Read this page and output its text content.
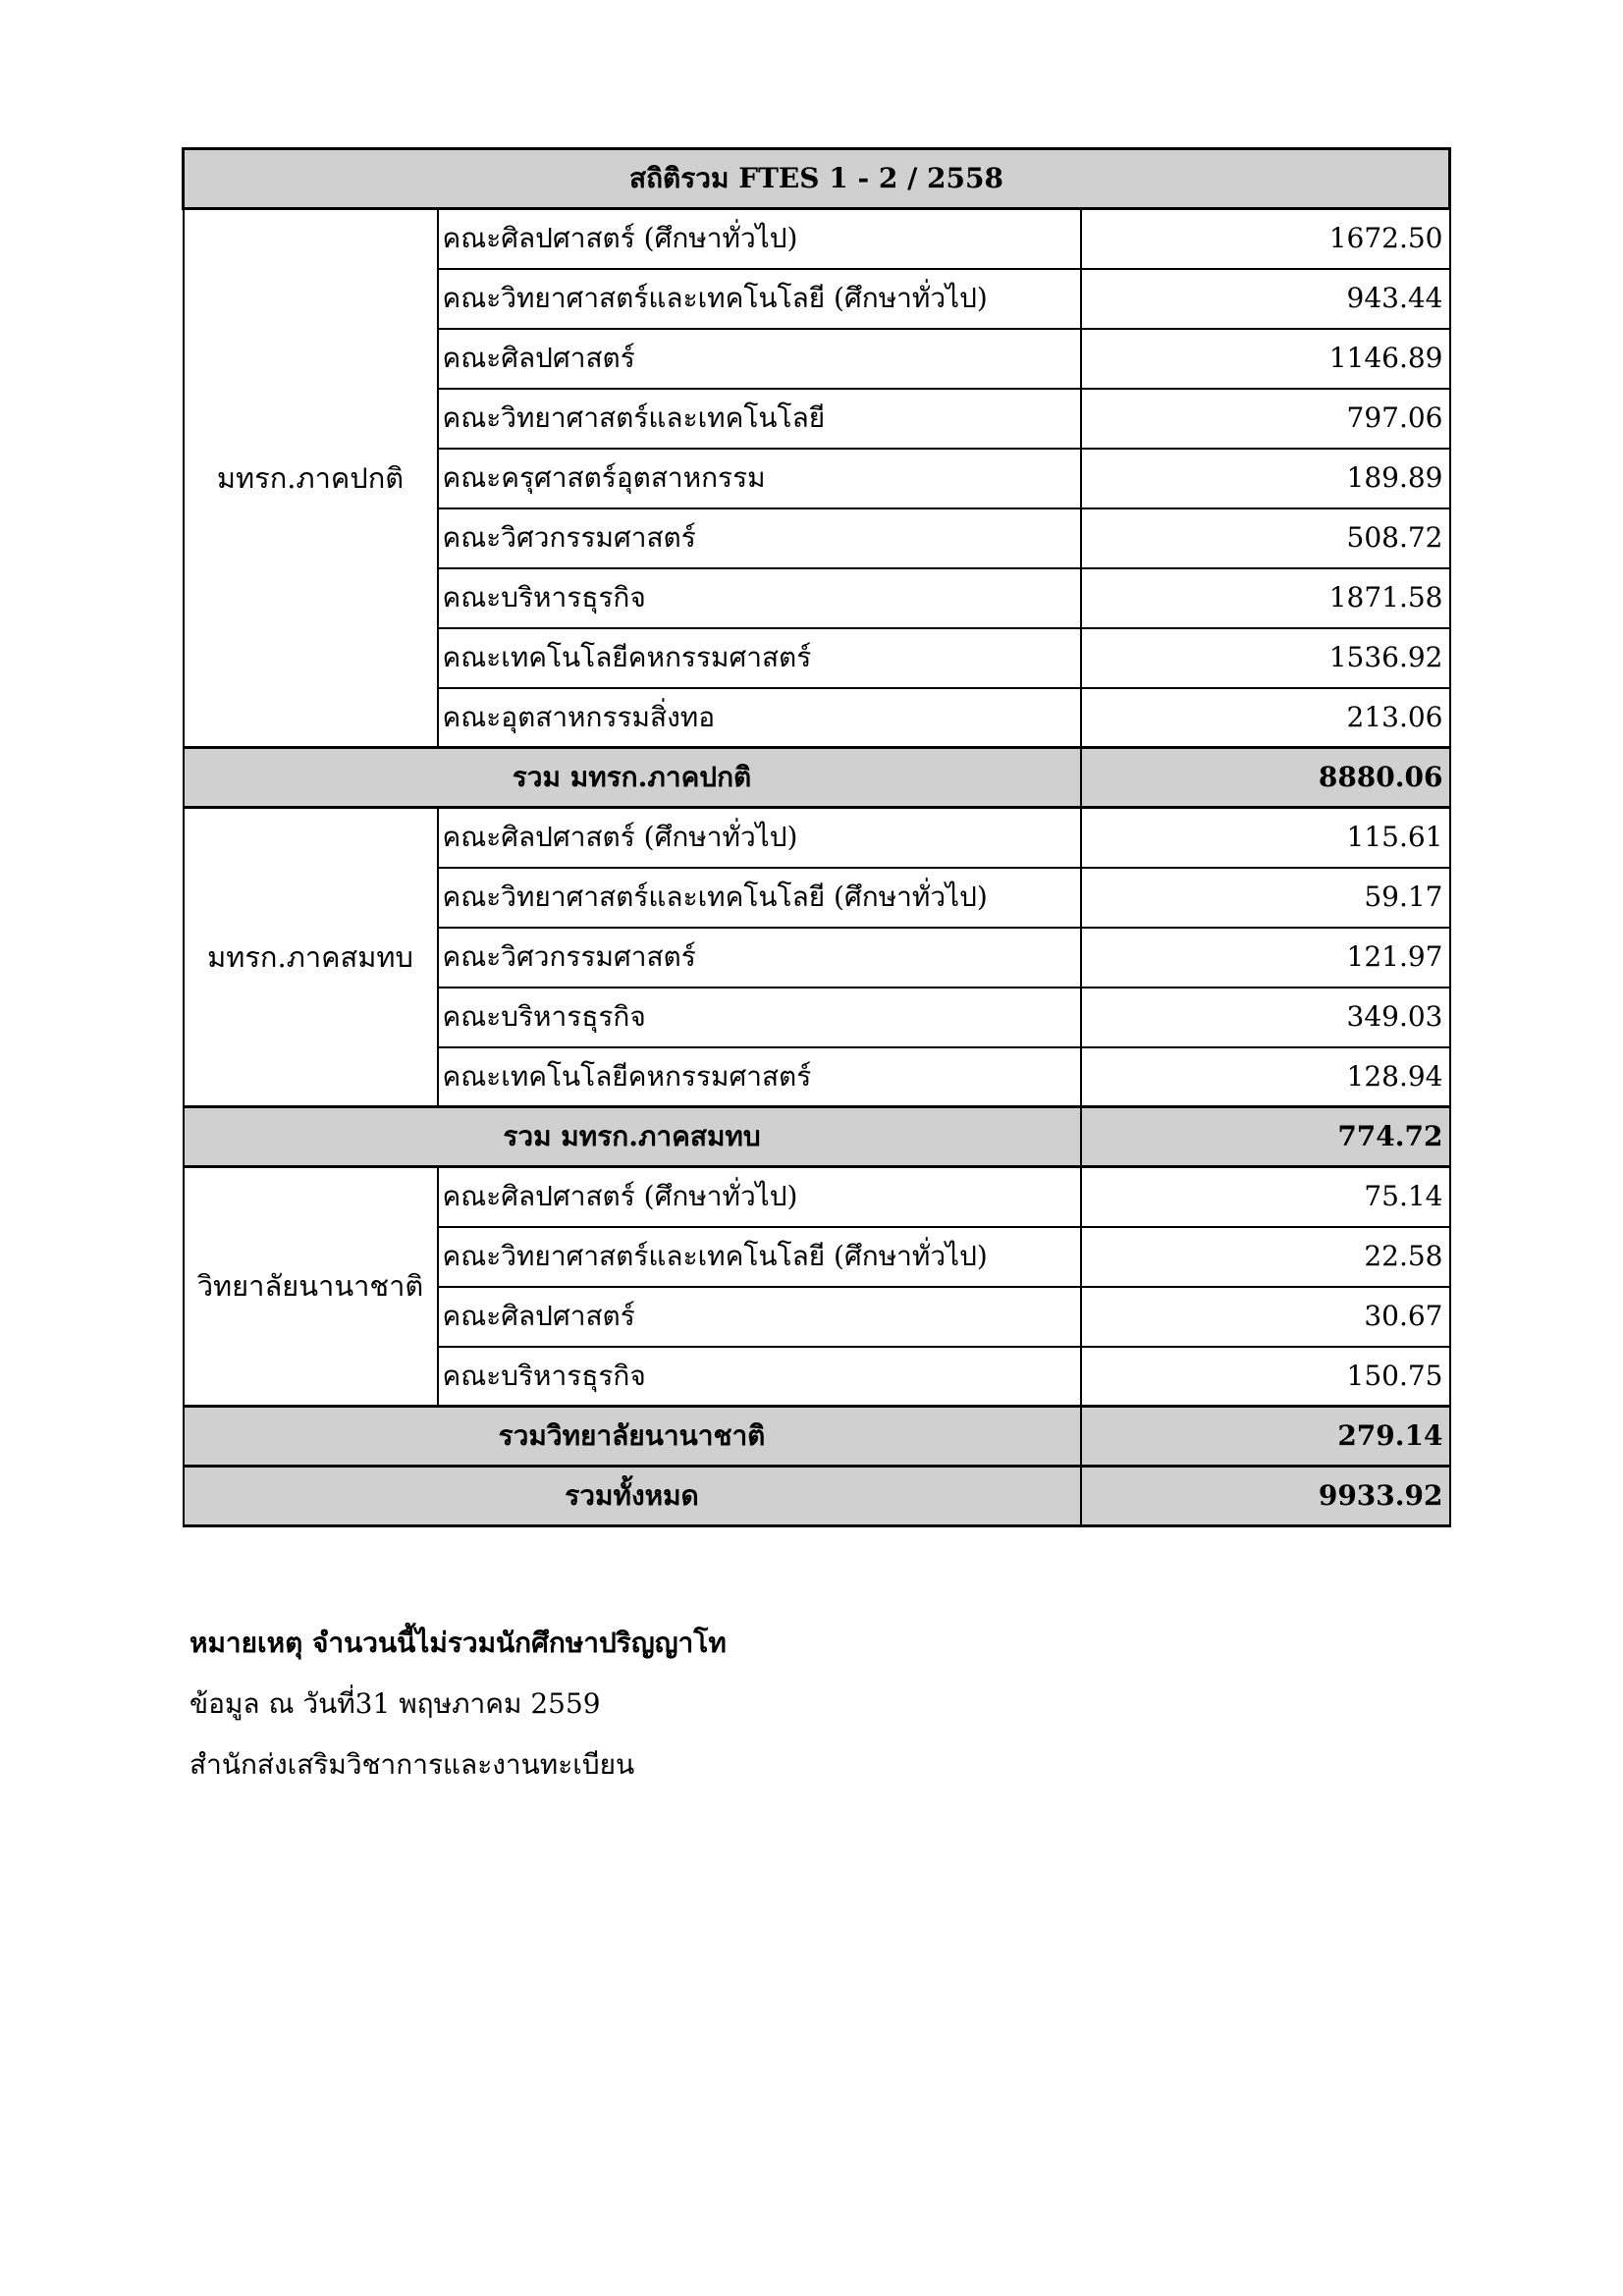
สถิติรวม FTES 1 - 2 / 2558		
มทรก.ภาคปกติ	คณะศิลปศาสตร์ (ศึกษาทั่วไป)	1672.50
	คณะวิทยาศาสตร์และเทคโนโลยี (ศึกษาทั่วไป)	943.44
	คณะศิลปศาสตร์	1146.89
	คณะวิทยาศาสตร์และเทคโนโลยี	797.06
	คณะครุศาสตร์อุตสาหกรรม	189.89
	คณะวิศวกรรมศาสตร์	508.72
	คณะบริหารธุรกิจ	1871.58
	คณะเทคโนโลยีคหกรรมศาสตร์	1536.92
	คณะอุตสาหกรรมสิ่งทอ	213.06
รวม มทรก.ภาคปกติ		8880.06
มทรก.ภาคสมทบ	คณะศิลปศาสตร์ (ศึกษาทั่วไป)	115.61
	คณะวิทยาศาสตร์และเทคโนโลยี (ศึกษาทั่วไป)	59.17
	คณะวิศวกรรมศาสตร์	121.97
	คณะบริหารธุรกิจ	349.03
	คณะเทคโนโลยีคหกรรมศาสตร์	128.94
รวม มทรก.ภาคสมทบ		774.72
วิทยาลัยนานาชาติ	คณะศิลปศาสตร์ (ศึกษาทั่วไป)	75.14
	คณะวิทยาศาสตร์และเทคโนโลยี (ศึกษาทั่วไป)	22.58
	คณะศิลปศาสตร์	30.67
	คณะบริหารธุรกิจ	150.75
รวมวิทยาลัยนานาชาติ		279.14
รวมทั้งหมด		9933.92
หมายเหตุ จำนวนนี้ไม่รวมนักศึกษาปริญญาโท
ข้อมูล ณ วันที่31 พฤษภาคม 2559
สำนักส่งเสริมวิชาการและงานทะเบียน
